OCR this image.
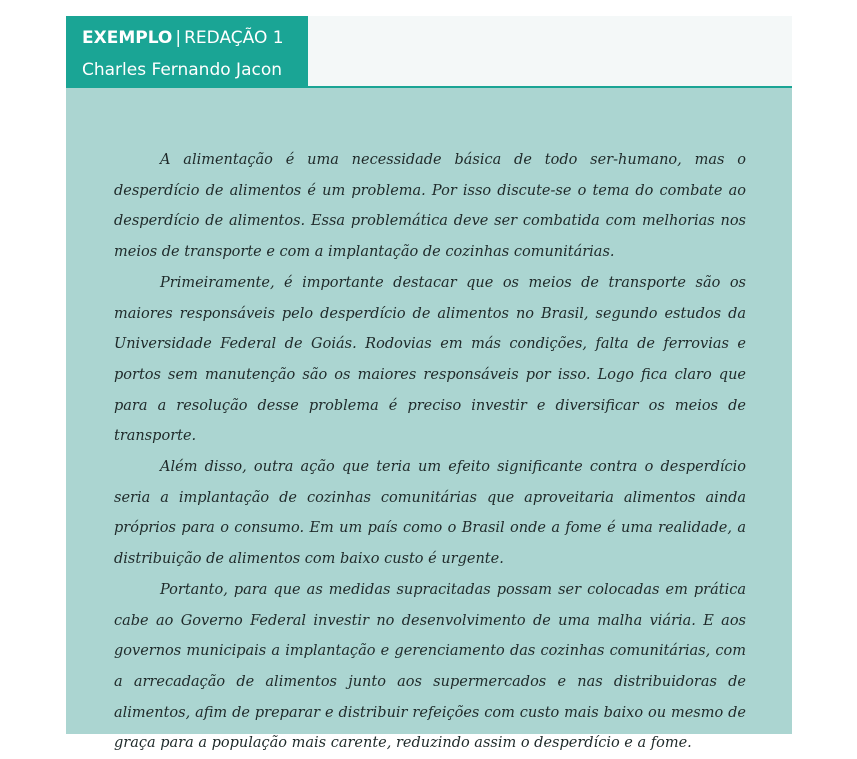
EXEMPLO | REDAÇÃO 1
Charles Fernando Jacon

A alimentação é uma necessidade básica de todo ser-humano, mas o desperdício de alimentos é um problema. Por isso discute-se o tema do combate ao desperdício de alimentos. Essa problemática deve ser combatida com melhorias nos meios de transporte e com a implantação de cozinhas comunitárias.

Primeiramente, é importante destacar que os meios de transporte são os maiores responsáveis pelo desperdício de alimentos no Brasil, segundo estudos da Universidade Federal de Goiás. Rodovias em más condições, falta de ferrovias e portos sem manutenção são os maiores responsáveis por isso. Logo fica claro que para a resolução desse problema é preciso investir e diversificar os meios de transporte.

Além disso, outra ação que teria um efeito significante contra o desperdício seria a implantação de cozinhas comunitárias que aproveitaria alimentos ainda próprios para o consumo. Em um país como o Brasil onde a fome é uma realidade, a distribuição de alimentos com baixo custo é urgente.

Portanto, para que as medidas supracitadas possam ser colocadas em prática cabe ao Governo Federal investir no desenvolvimento de uma malha viária. E aos governos municipais a implantação e gerenciamento das cozinhas comunitárias, com a arrecadação de alimentos junto aos supermercados e nas distribuidoras de alimentos, afim de preparar e distribuir refeições com custo mais baixo ou mesmo de graça para a população mais carente, reduzindo assim o desperdício e a fome.
